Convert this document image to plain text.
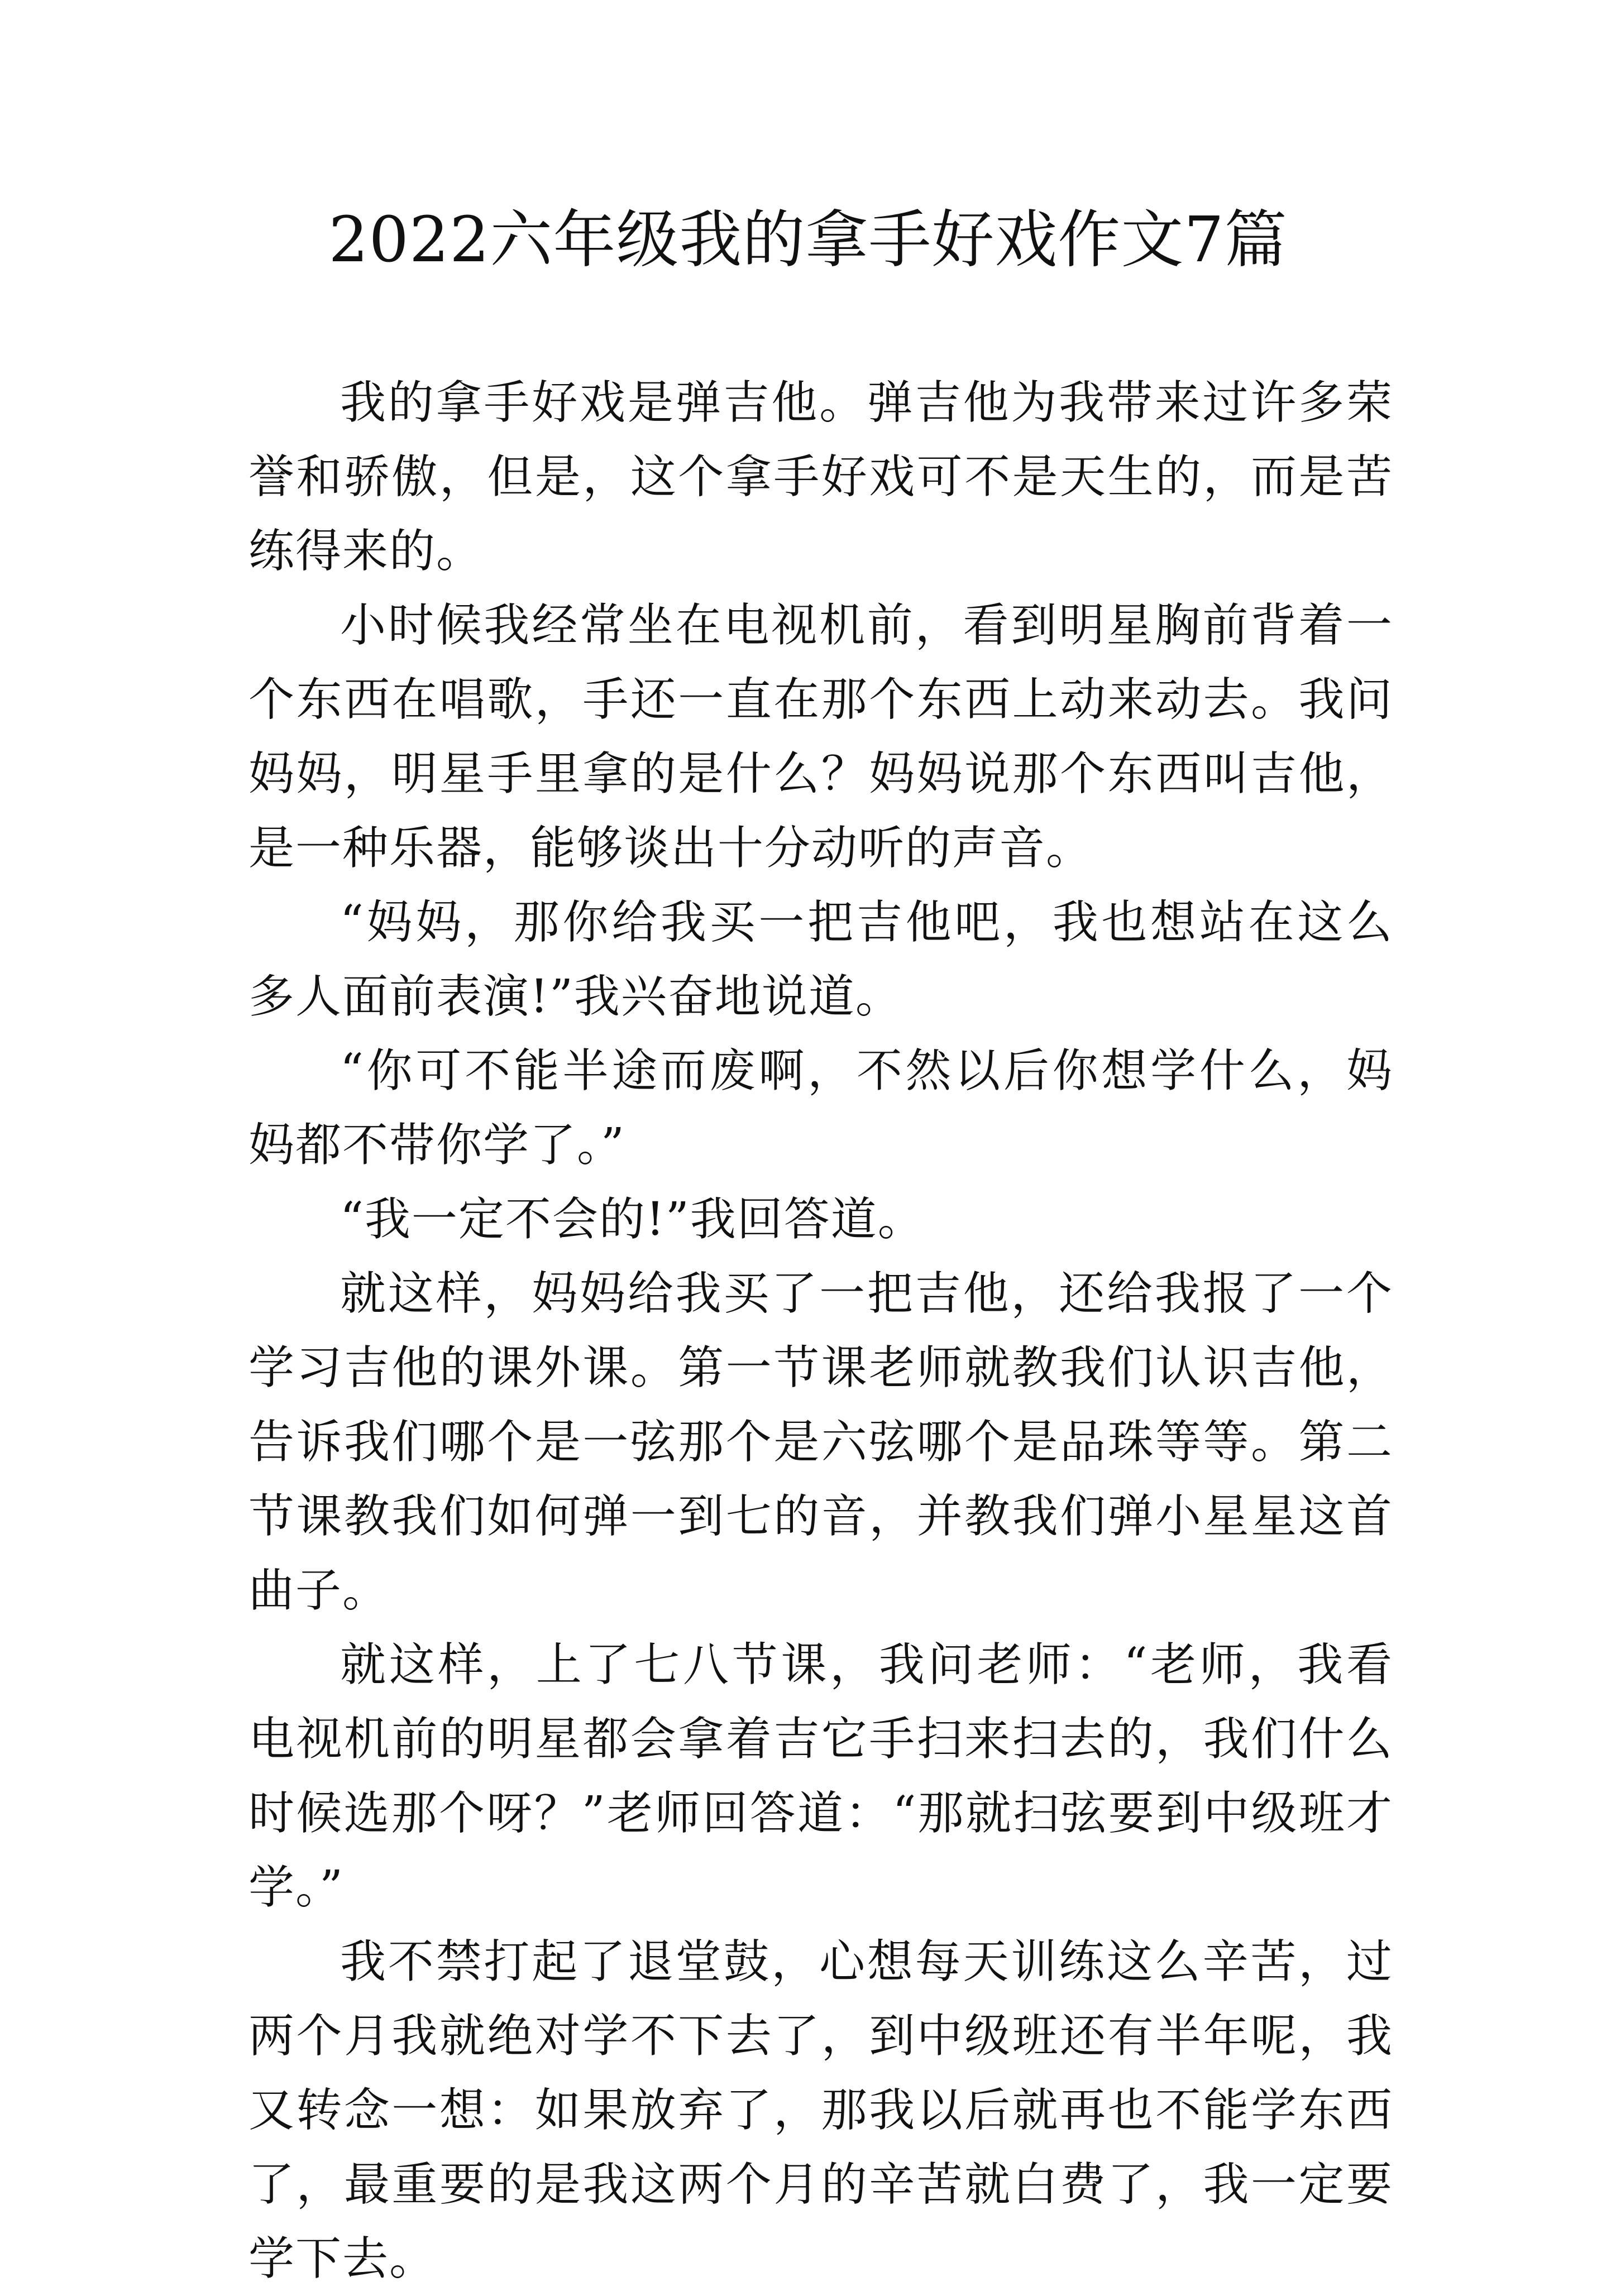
2022六年级我的拿手好戏作文7篇

我的拿手好戏是弹吉他。弹吉他为我带来过许多荣誉和骄傲，但是，这个拿手好戏可不是天生的，而是苦练得来的。

小时候我经常坐在电视机前，看到明星胸前背着一个东西在唱歌，手还一直在那个东西上动来动去。我问妈妈，明星手里拿的是什么？妈妈说那个东西叫吉他，是一种乐器，能够谈出十分动听的声音。

“妈妈，那你给我买一把吉他吧，我也想站在这么多人面前表演!”我兴奋地说道。

“你可不能半途而废啊，不然以后你想学什么，妈妈都不带你学了。”

“我一定不会的!”我回答道。

就这样，妈妈给我买了一把吉他，还给我报了一个学习吉他的课外课。第一节课老师就教我们认识吉他，告诉我们哪个是一弦那个是六弦哪个是品珠等等。第二节课教我们如何弹一到七的音，并教我们弹小星星这首曲子。

就这样，上了七八节课，我问老师：“老师，我看电视机前的明星都会拿着吉它手扫来扫去的，我们什么时候选那个呀？”老师回答道：“那就扫弦要到中级班才学。”

我不禁打起了退堂鼓，心想每天训练这么辛苦，过两个月我就绝对学不下去了，到中级班还有半年呢，我又转念一想：如果放弃了，那我以后就再也不能学东西了，最重要的是我这两个月的辛苦就白费了，我一定要学下去。
